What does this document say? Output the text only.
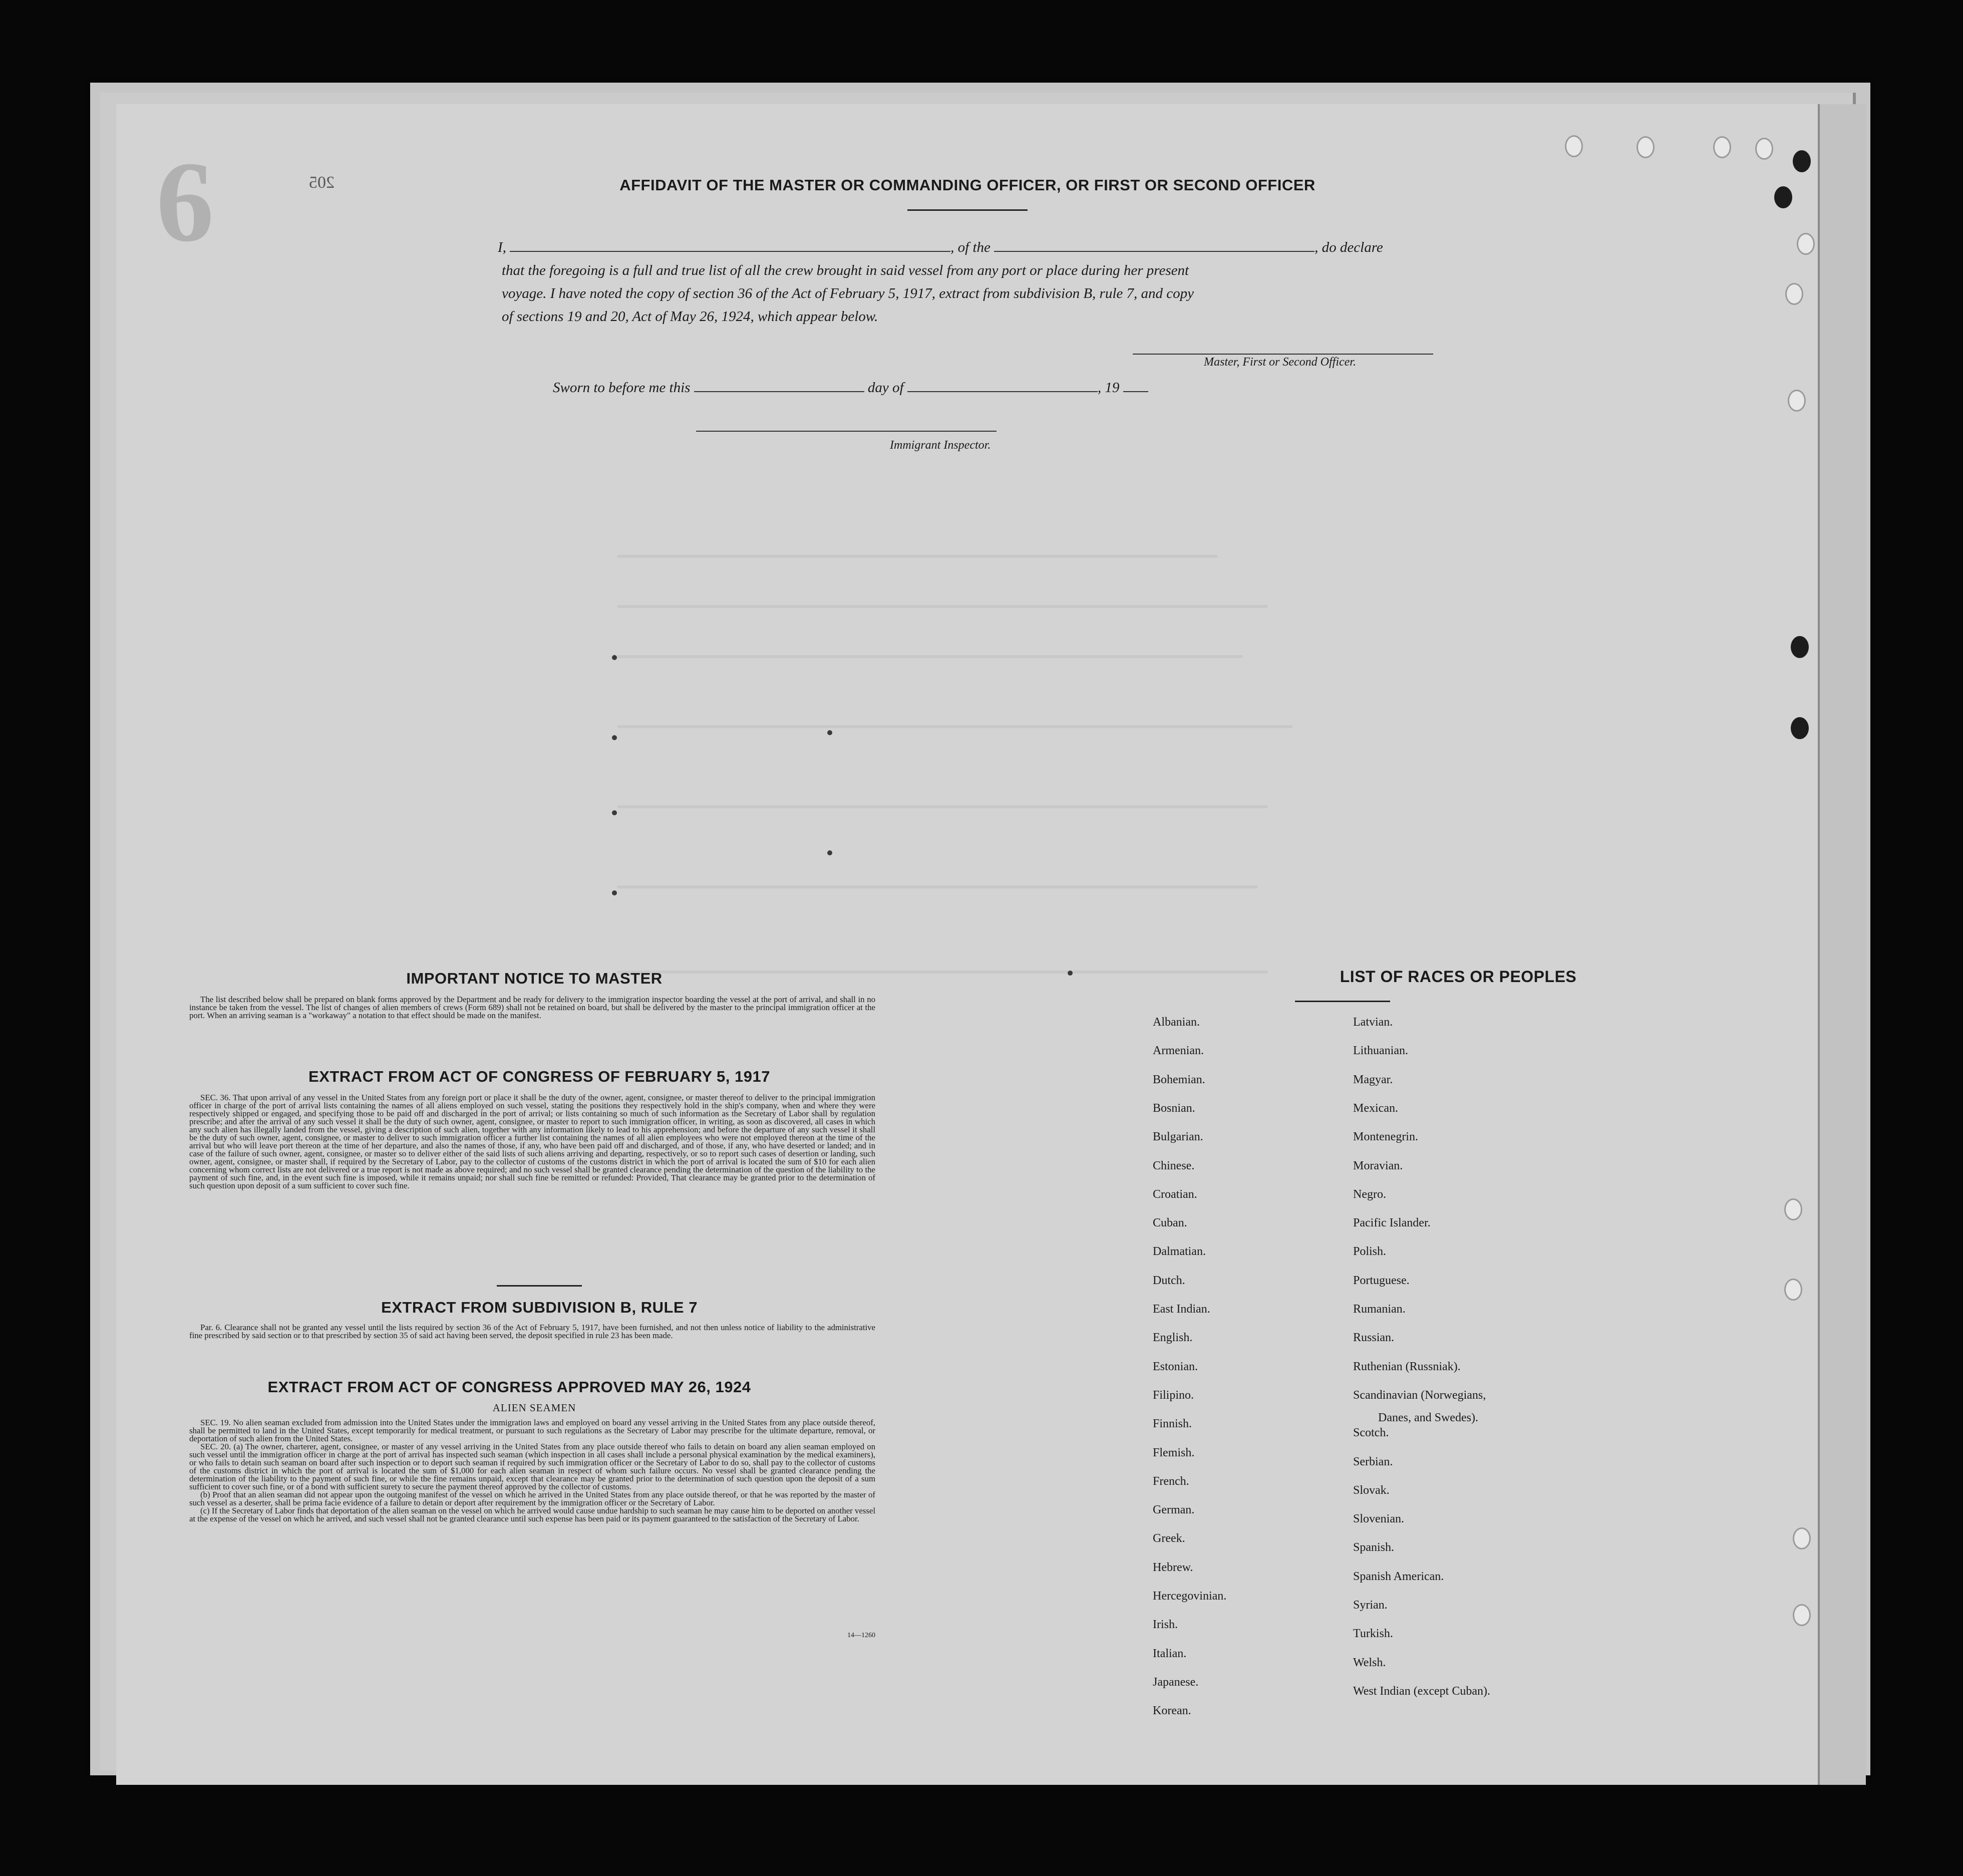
6	205	AFFIDAVIT OF THE MASTER OR COMMANDING OFFICER, OR FIRST OR SECOND OFFICER
I,	, of the	, do declare
that the foregoing is a full and true list of all the crew brought in said vessel from any port or place during her present
voyage. I have noted the copy of section 36 of the Act of February 5, 1917, extract from subdivision B, rule 7, and copy
of sections 19 and 20, Act of May 26, 1924, which appear below.
Master, First or Second Officer.
Sworn to before me this	day of	, 19
Immigrant Inspector.
IMPORTANT NOTICE TO MASTER

The list described below shall be prepared on blank forms approved by the Department and be ready for delivery to the immigration inspector boarding the vessel at the port of arrival, and shall in no instance be taken from the vessel. The list of changes of alien members of crews (Form 689) shall not be retained on board, but shall be delivered by the master to the principal immigration officer at the port. When an arriving seaman is a "workaway" a notation to that effect should be made on the manifest.

EXTRACT FROM ACT OF CONGRESS OF FEBRUARY 5, 1917

SEC. 36. That upon arrival of any vessel in the United States from any foreign port or place it shall be the duty of the owner, agent, consignee, or master thereof to deliver to the principal immigration officer in charge of the port of arrival lists containing the names of all aliens employed on such vessel, stating the positions they respectively hold in the ship's company, when and where they were respectively shipped or engaged, and specifying those to be paid off and discharged in the port of arrival; or lists containing so much of such information as the Secretary of Labor shall by regulation prescribe; and after the arrival of any such vessel it shall be the duty of such owner, agent, consignee, or master to report to such immigration officer, in writing, as soon as discovered, all cases in which any such alien has illegally landed from the vessel, giving a description of such alien, together with any information likely to lead to his apprehension; and before the departure of any such vessel it shall be the duty of such owner, agent, consignee, or master to deliver to such immigration officer a further list containing the names of all alien employees who were not employed thereon at the time of the arrival but who will leave port thereon at the time of her departure, and also the names of those, if any, who have been paid off and discharged, and of those, if any, who have deserted or landed; and in case of the failure of such owner, agent, consignee, or master so to deliver either of the said lists of such aliens arriving and departing, respectively, or so to report such cases of desertion or landing, such owner, agent, consignee, or master shall, if required by the Secretary of Labor, pay to the collector of customs of the customs district in which the port of arrival is located the sum of $10 for each alien concerning whom correct lists are not delivered or a true report is not made as above required; and no such vessel shall be granted clearance pending the determination of the question of the liability to the payment of such fine, and, in the event such fine is imposed, while it remains unpaid; nor shall such fine be remitted or refunded: Provided, That clearance may be granted prior to the determination of such question upon deposit of a sum sufficient to cover such fine.

EXTRACT FROM SUBDIVISION B, RULE 7

Par. 6. Clearance shall not be granted any vessel until the lists required by section 36 of the Act of February 5, 1917, have been furnished, and not then unless notice of liability to the administrative fine prescribed by said section or to that prescribed by section 35 of said act having been served, the deposit specified in rule 23 has been made.

EXTRACT FROM ACT OF CONGRESS APPROVED MAY 26, 1924
ALIEN SEAMEN

SEC. 19. No alien seaman excluded from admission into the United States under the immigration laws and employed on board any vessel arriving in the United States from any place outside thereof, shall be permitted to land in the United States, except temporarily for medical treatment, or pursuant to such regulations as the Secretary of Labor may prescribe for the ultimate departure, removal, or deportation of such alien from the United States.

SEC. 20. (a) The owner, charterer, agent, consignee, or master of any vessel arriving in the United States from any place outside thereof who fails to detain on board any alien seaman employed on such vessel until the immigration officer in charge at the port of arrival has inspected such seaman (which inspection in all cases shall include a personal physical examination by the medical examiners), or who fails to detain such seaman on board after such inspection or to deport such seaman if required by such immigration officer or the Secretary of Labor to do so, shall pay to the collector of customs of the customs district in which the port of arrival is located the sum of $1,000 for each alien seaman in respect of whom such failure occurs. No vessel shall be granted clearance pending the determination of the liability to the payment of such fine, or while the fine remains unpaid, except that clearance may be granted prior to the determination of such question upon the deposit of a sum sufficient to cover such fine, or of a bond with sufficient surety to secure the payment thereof approved by the collector of customs.

(b) Proof that an alien seaman did not appear upon the outgoing manifest of the vessel on which he arrived in the United States from any place outside thereof, or that he was reported by the master of such vessel as a deserter, shall be prima facie evidence of a failure to detain or deport after requirement by the immigration officer or the Secretary of Labor.

(c) If the Secretary of Labor finds that deportation of the alien seaman on the vessel on which he arrived would cause undue hardship to such seaman he may cause him to be deported on another vessel at the expense of the vessel on which he arrived, and such vessel shall not be granted clearance until such expense has been paid or its payment guaranteed to the satisfaction of the Secretary of Labor.

14—1260
LIST OF RACES OR PEOPLES
Albanian.
Armenian.
Bohemian.
Bosnian.
Bulgarian.
Chinese.
Croatian.
Cuban.
Dalmatian.
Dutch.
East Indian.
English.
Estonian.
Filipino.
Finnish.
Flemish.
French.
German.
Greek.
Hebrew.
Hercegovinian.
Irish.
Italian.
Japanese.
Korean.
Latvian.
Lithuanian.
Magyar.
Mexican.
Montenegrin.
Moravian.
Negro.
Pacific Islander.
Polish.
Portuguese.
Rumanian.
Russian.
Ruthenian (Russniak).
Scandinavian (Norwegians,
Danes, and Swedes).
Scotch.
Serbian.
Slovak.
Slovenian.
Spanish.
Spanish American.
Syrian.
Turkish.
Welsh.
West Indian (except Cuban).
